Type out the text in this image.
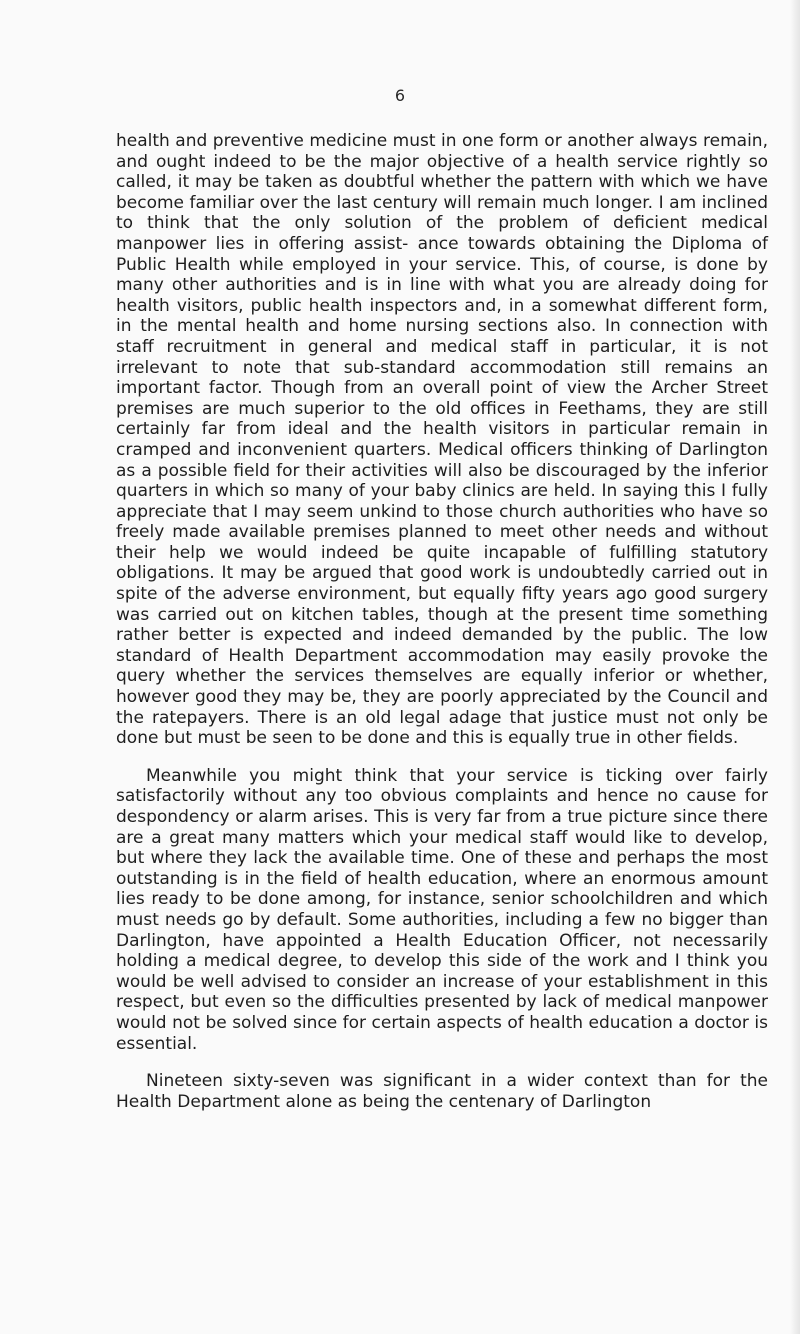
6

health and preventive medicine must in one form or another always remain, and ought indeed to be the major objective of a health service rightly so called, it may be taken as doubtful whether the pattern with which we have become familiar over the last century will remain much longer. I am inclined to think that the only solution of the problem of deficient medical manpower lies in offering assist- ance towards obtaining the Diploma of Public Health while employed in your service. This, of course, is done by many other authorities and is in line with what you are already doing for health visitors, public health inspectors and, in a somewhat different form, in the mental health and home nursing sections also. In connection with staff recruitment in general and medical staff in particular, it is not irrelevant to note that sub-standard accommodation still remains an important factor. Though from an overall point of view the Archer Street premises are much superior to the old offices in Feethams, they are still certainly far from ideal and the health visitors in particular remain in cramped and inconvenient quarters. Medical officers thinking of Darlington as a possible field for their activities will also be discouraged by the inferior quarters in which so many of your baby clinics are held. In saying this I fully appreciate that I may seem unkind to those church authorities who have so freely made available premises planned to meet other needs and without their help we would indeed be quite incapable of fulfilling statutory obligations. It may be argued that good work is undoubtedly carried out in spite of the adverse environment, but equally fifty years ago good surgery was carried out on kitchen tables, though at the present time something rather better is expected and indeed demanded by the public. The low standard of Health Department accommodation may easily provoke the query whether the services themselves are equally inferior or whether, however good they may be, they are poorly appreciated by the Council and the ratepayers. There is an old legal adage that justice must not only be done but must be seen to be done and this is equally true in other fields.

Meanwhile you might think that your service is ticking over fairly satisfactorily without any too obvious complaints and hence no cause for despondency or alarm arises. This is very far from a true picture since there are a great many matters which your medical staff would like to develop, but where they lack the available time. One of these and perhaps the most outstanding is in the field of health education, where an enormous amount lies ready to be done among, for instance, senior schoolchildren and which must needs go by default. Some authorities, including a few no bigger than Darlington, have appointed a Health Education Officer, not necessarily holding a medical degree, to develop this side of the work and I think you would be well advised to consider an increase of your establishment in this respect, but even so the difficulties presented by lack of medical manpower would not be solved since for certain aspects of health education a doctor is essential.

Nineteen sixty-seven was significant in a wider context than for the Health Department alone as being the centenary of Darlington
